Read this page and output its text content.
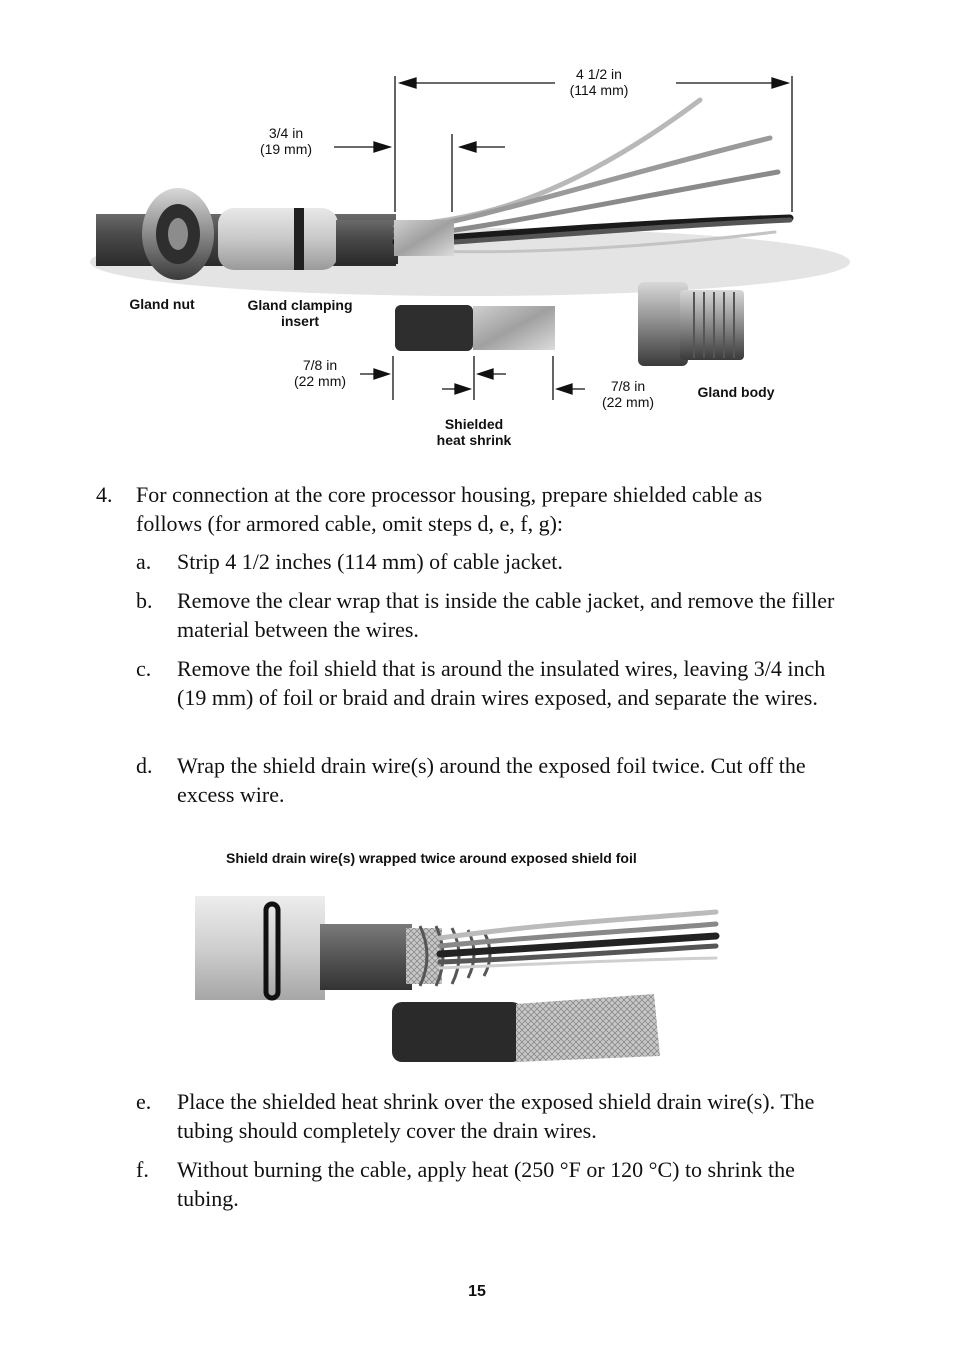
4 1/2 in
(114 mm)
3/4 in
(19 mm)
Gland nut	Gland clamping
insert
7/8 in
(22 mm)	7/8 in
(22 mm)
Gland body
Shielded
heat shrink
4. For connection at the core processor housing, prepare shielded cable as follows (for armored cable, omit steps d, e, f, g):
a. Strip 4 1/2 inches (114 mm) of cable jacket.
b. Remove the clear wrap that is inside the cable jacket, and remove the filler material between the wires.
c. Remove the foil shield that is around the insulated wires, leaving 3/4 inch (19 mm) of foil or braid and drain wires exposed, and separate the wires.
d. Wrap the shield drain wire(s) around the exposed foil twice. Cut off the excess wire.
Shield drain wire(s) wrapped twice around exposed shield foil
e. Place the shielded heat shrink over the exposed shield drain wire(s). The tubing should completely cover the drain wires.
f. Without burning the cable, apply heat (250 °F or 120 °C) to shrink the tubing.
15
